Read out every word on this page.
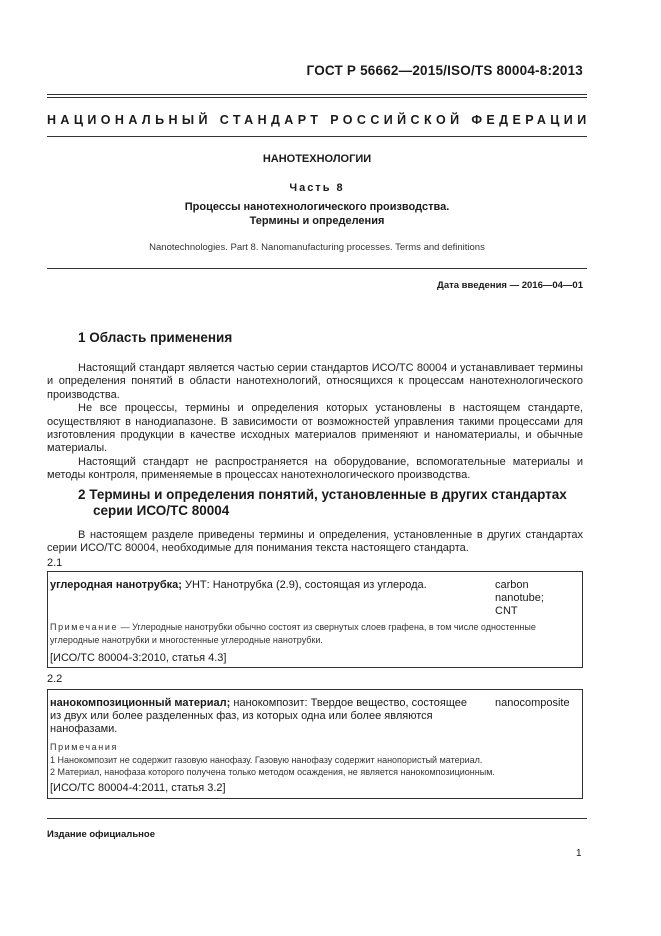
ГОСТ Р 56662—2015/ISO/TS 80004-8:2013
НАЦИОНАЛЬНЫЙ СТАНДАРТ РОССИЙСКОЙ ФЕДЕРАЦИИ
НАНОТЕХНОЛОГИИ
Часть 8
Процессы нанотехнологического производства.
Термины и определения
Nanotechnologies. Part 8. Nanomanufacturing processes. Terms and definitions
Дата введения — 2016—04—01
1 Область применения

Настоящий стандарт является частью серии стандартов ИСО/ТС 80004 и устанавливает термины и определения понятий в области нанотехнологий, относящихся к процессам нанотехнологического производства.

Не все процессы, термины и определения которых установлены в настоящем стандарте, осуществляют в нанодиапазоне. В зависимости от возможностей управления такими процессами для изготовления продукции в качестве исходных материалов применяют и наноматериалы, и обычные материалы.

Настоящий стандарт не распространяется на оборудование, вспомогательные материалы и методы контроля, применяемые в процессах нанотехнологического производства.

2 Термины и определения понятий, установленные в других стандартах
серии ИСО/ТС 80004

В настоящем разделе приведены термины и определения, установленные в других стандартах серии ИСО/ТС 80004, необходимые для понимания текста настоящего стандарта.

2.1
углеродная нанотрубка; УНТ: Нанотрубка (2.9), состоящая из углерода.	carbon
nanotube;
CNT
Примечание — Углеродные нанотрубки обычно состоят из свернутых слоев графена, в том числе одностенные углеродные нанотрубки и многостенные углеродные нанотрубки.
[ИСО/ТС 80004-3:2010, статья 4.3]
2.2
нанокомпозиционный материал; нанокомпозит: Твердое вещество, состоящее из двух или более разделенных фаз, из которых одна или более являются нанофазами.
nanocomposite
Примечания
1 Нанокомпозит не содержит газовую нанофазу. Газовую нанофазу содержит нанопористый материал.
2 Материал, нанофаза которого получена только методом осаждения, не является нанокомпозиционным.
[ИСО/ТС 80004-4:2011, статья 3.2]
Издание официальное
1
